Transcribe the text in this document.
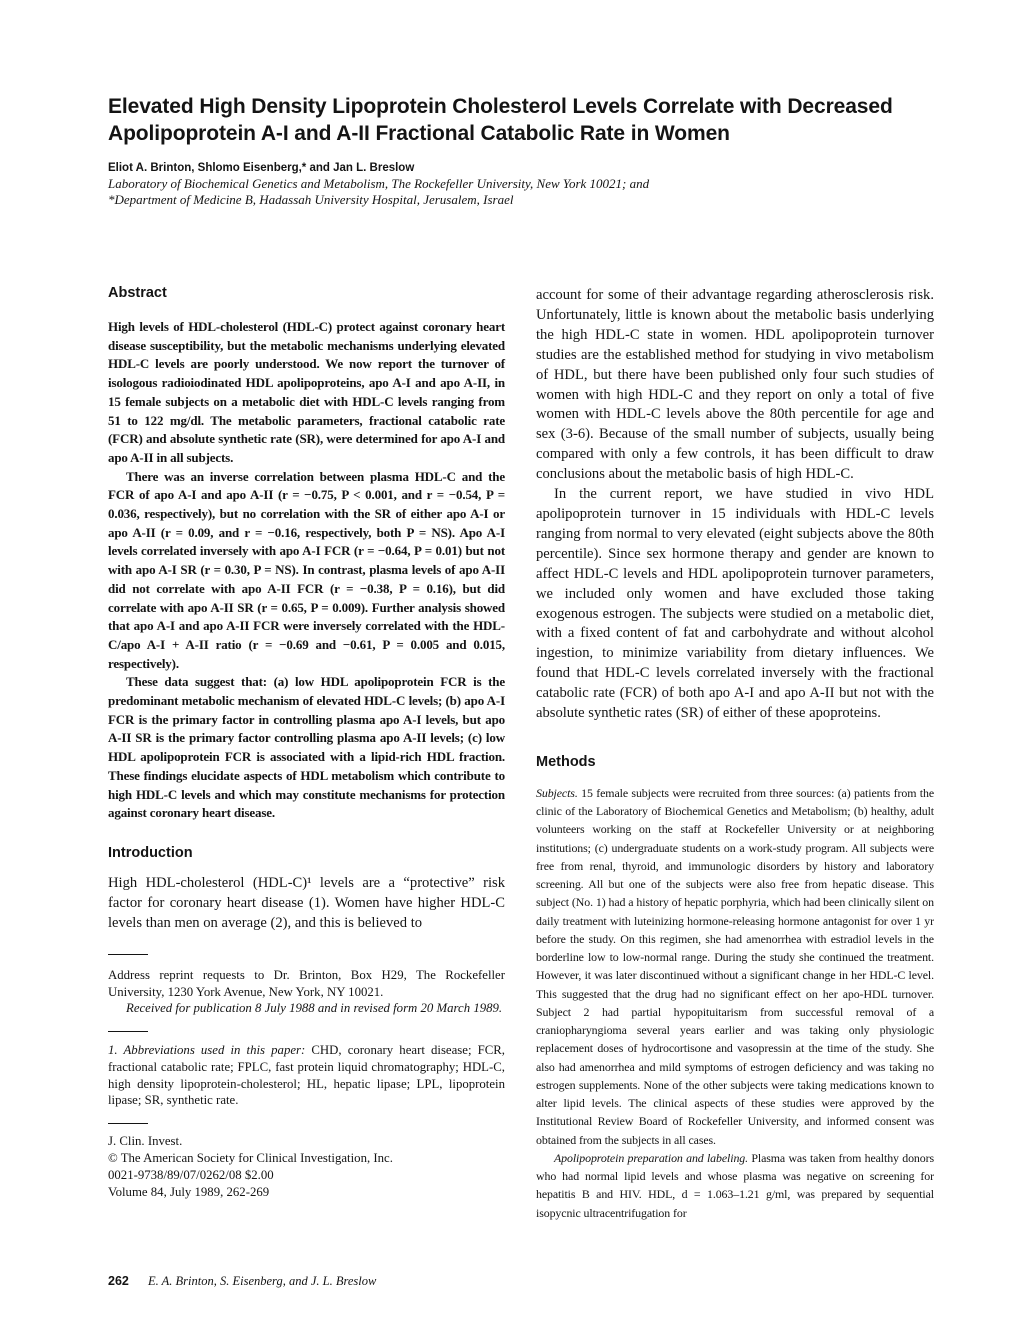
Elevated High Density Lipoprotein Cholesterol Levels Correlate with Decreased Apolipoprotein A-I and A-II Fractional Catabolic Rate in Women
Eliot A. Brinton, Shlomo Eisenberg,* and Jan L. Breslow
Laboratory of Biochemical Genetics and Metabolism, The Rockefeller University, New York 10021; and
*Department of Medicine B, Hadassah University Hospital, Jerusalem, Israel
Abstract

High levels of HDL-cholesterol (HDL-C) protect against coronary heart disease susceptibility, but the metabolic mechanisms underlying elevated HDL-C levels are poorly understood. We now report the turnover of isologous radioiodinated HDL apolipoproteins, apo A-I and apo A-II, in 15 female subjects on a metabolic diet with HDL-C levels ranging from 51 to 122 mg/dl. The metabolic parameters, fractional catabolic rate (FCR) and absolute synthetic rate (SR), were determined for apo A-I and apo A-II in all subjects.

There was an inverse correlation between plasma HDL-C and the FCR of apo A-I and apo A-II (r = −0.75, P < 0.001, and r = −0.54, P = 0.036, respectively), but no correlation with the SR of either apo A-I or apo A-II (r = 0.09, and r = −0.16, respectively, both P = NS). Apo A-I levels correlated inversely with apo A-I FCR (r = −0.64, P = 0.01) but not with apo A-I SR (r = 0.30, P = NS). In contrast, plasma levels of apo A-II did not correlate with apo A-II FCR (r = −0.38, P = 0.16), but did correlate with apo A-II SR (r = 0.65, P = 0.009). Further analysis showed that apo A-I and apo A-II FCR were inversely correlated with the HDL-C/apo A-I + A-II ratio (r = −0.69 and −0.61, P = 0.005 and 0.015, respectively).

These data suggest that: (a) low HDL apolipoprotein FCR is the predominant metabolic mechanism of elevated HDL-C levels; (b) apo A-I FCR is the primary factor in controlling plasma apo A-I levels, but apo A-II SR is the primary factor controlling plasma apo A-II levels; (c) low HDL apolipoprotein FCR is associated with a lipid-rich HDL fraction. These findings elucidate aspects of HDL metabolism which contribute to high HDL-C levels and which may constitute mechanisms for protection against coronary heart disease.

Introduction

High HDL-cholesterol (HDL-C)¹ levels are a “protective” risk factor for coronary heart disease (1). Women have higher HDL-C levels than men on average (2), and this is believed to

Address reprint requests to Dr. Brinton, Box H29, The Rockefeller University, 1230 York Avenue, New York, NY 10021.

Received for publication 8 July 1988 and in revised form 20 March 1989.

1. Abbreviations used in this paper: CHD, coronary heart disease; FCR, fractional catabolic rate; FPLC, fast protein liquid chromatography; HDL-C, high density lipoprotein-cholesterol; HL, hepatic lipase; LPL, lipoprotein lipase; SR, synthetic rate.

J. Clin. Invest.

© The American Society for Clinical Investigation, Inc.

0021-9738/89/07/0262/08 $2.00

Volume 84, July 1989, 262-269

account for some of their advantage regarding atherosclerosis risk. Unfortunately, little is known about the metabolic basis underlying the high HDL-C state in women. HDL apolipoprotein turnover studies are the established method for studying in vivo metabolism of HDL, but there have been published only four such studies of women with high HDL-C and they report on only a total of five women with HDL-C levels above the 80th percentile for age and sex (3-6). Because of the small number of subjects, usually being compared with only a few controls, it has been difficult to draw conclusions about the metabolic basis of high HDL-C.

In the current report, we have studied in vivo HDL apolipoprotein turnover in 15 individuals with HDL-C levels ranging from normal to very elevated (eight subjects above the 80th percentile). Since sex hormone therapy and gender are known to affect HDL-C levels and HDL apolipoprotein turnover parameters, we included only women and have excluded those taking exogenous estrogen. The subjects were studied on a metabolic diet, with a fixed content of fat and carbohydrate and without alcohol ingestion, to minimize variability from dietary influences. We found that HDL-C levels correlated inversely with the fractional catabolic rate (FCR) of both apo A-I and apo A-II but not with the absolute synthetic rates (SR) of either of these apoproteins.

Methods

Subjects. 15 female subjects were recruited from three sources: (a) patients from the clinic of the Laboratory of Biochemical Genetics and Metabolism; (b) healthy, adult volunteers working on the staff at Rockefeller University or at neighboring institutions; (c) undergraduate students on a work-study program. All subjects were free from renal, thyroid, and immunologic disorders by history and laboratory screening. All but one of the subjects were also free from hepatic disease. This subject (No. 1) had a history of hepatic porphyria, which had been clinically silent on daily treatment with luteinizing hormone-releasing hormone antagonist for over 1 yr before the study. On this regimen, she had amenorrhea with estradiol levels in the borderline low to low-normal range. During the study she continued the treatment. However, it was later discontinued without a significant change in her HDL-C level. This suggested that the drug had no significant effect on her apo-HDL turnover. Subject 2 had partial hypopituitarism from successful removal of a craniopharyngioma several years earlier and was taking only physiologic replacement doses of hydrocortisone and vasopressin at the time of the study. She also had amenorrhea and mild symptoms of estrogen deficiency and was taking no estrogen supplements. None of the other subjects were taking medications known to alter lipid levels. The clinical aspects of these studies were approved by the Institutional Review Board of Rockefeller University, and informed consent was obtained from the subjects in all cases.

Apolipoprotein preparation and labeling. Plasma was taken from healthy donors who had normal lipid levels and whose plasma was negative on screening for hepatitis B and HIV. HDL, d = 1.063–1.21 g/ml, was prepared by sequential isopycnic ultracentrifugation for

262 E. A. Brinton, S. Eisenberg, and J. L. Breslow
